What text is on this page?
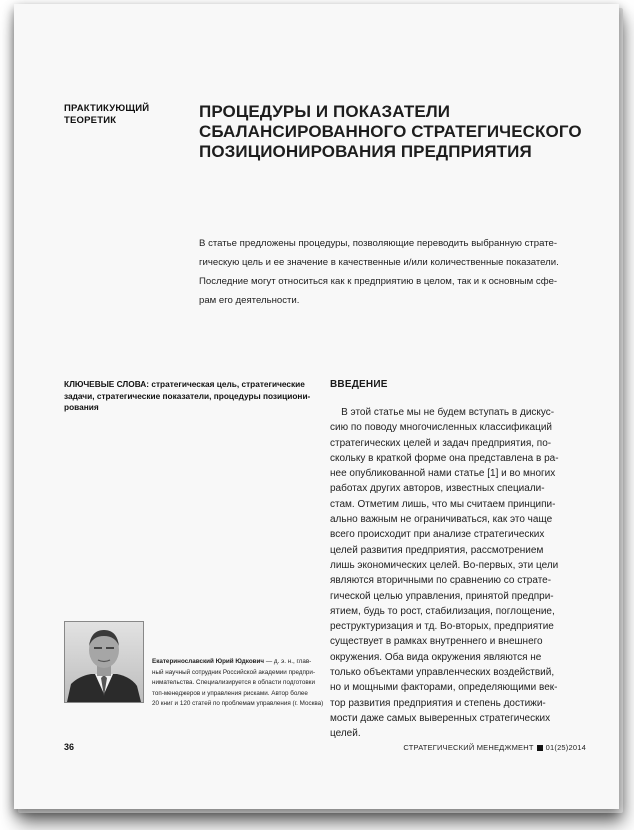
ПРАКТИКУЮЩИЙ
ТЕОРЕТИК	ПРОЦЕДУРЫ И ПОКАЗАТЕЛИ
СБАЛАНСИРОВАННОГО СТРАТЕГИЧЕСКОГО
ПОЗИЦИОНИРОВАНИЯ ПРЕДПРИЯТИЯ
В статье предложены процедуры, позволяющие переводить выбранную страте-
гическую цель и ее значение в качественные и/или количественные показатели.
Последние могут относиться как к предприятию в целом, так и к основным сфе-
рам его деятельности.
КЛЮЧЕВЫЕ СЛОВА: стратегическая цель, стратегические
задачи, стратегические показатели, процедуры позициони-
рования
ВВЕДЕНИЕ
В этой статье мы не будем вступать в дискус-
сию по поводу многочисленных классификаций
стратегических целей и задач предприятия, по-
скольку в краткой форме она представлена в ра-
нее опубликованной нами статье [1] и во многих
работах других авторов, известных специали-
стам. Отметим лишь, что мы считаем принципи-
ально важным не ограничиваться, как это чаще
всего происходит при анализе стратегических
целей развития предприятия, рассмотрением
лишь экономических целей. Во-первых, эти цели
являются вторичными по сравнению со страте-
гической целью управления, принятой предпри-
ятием, будь то рост, стабилизация, поглощение,
реструктуризация и тд. Во-вторых, предприятие
существует в рамках внутреннего и внешнего
окружения. Оба вида окружения являются не
только объектами управленческих воздействий,
но и мощными факторами, определяющими век-
тор развития предприятия и степень достижи-
мости даже самых выверенных стратегических
целей.
Екатеринославский Юрий Юдкович — д. э. н., глав-
ный научный сотрудник Российской академии предпри-
нимательства. Специализируется в области подготовки
топ-менеджеров и управления рисками. Автор более
20 книг и 120 статей по проблемам управления (г. Москва)
36	СТРАТЕГИЧЕСКИЙ МЕНЕДЖМЕНТ 01(25)2014
